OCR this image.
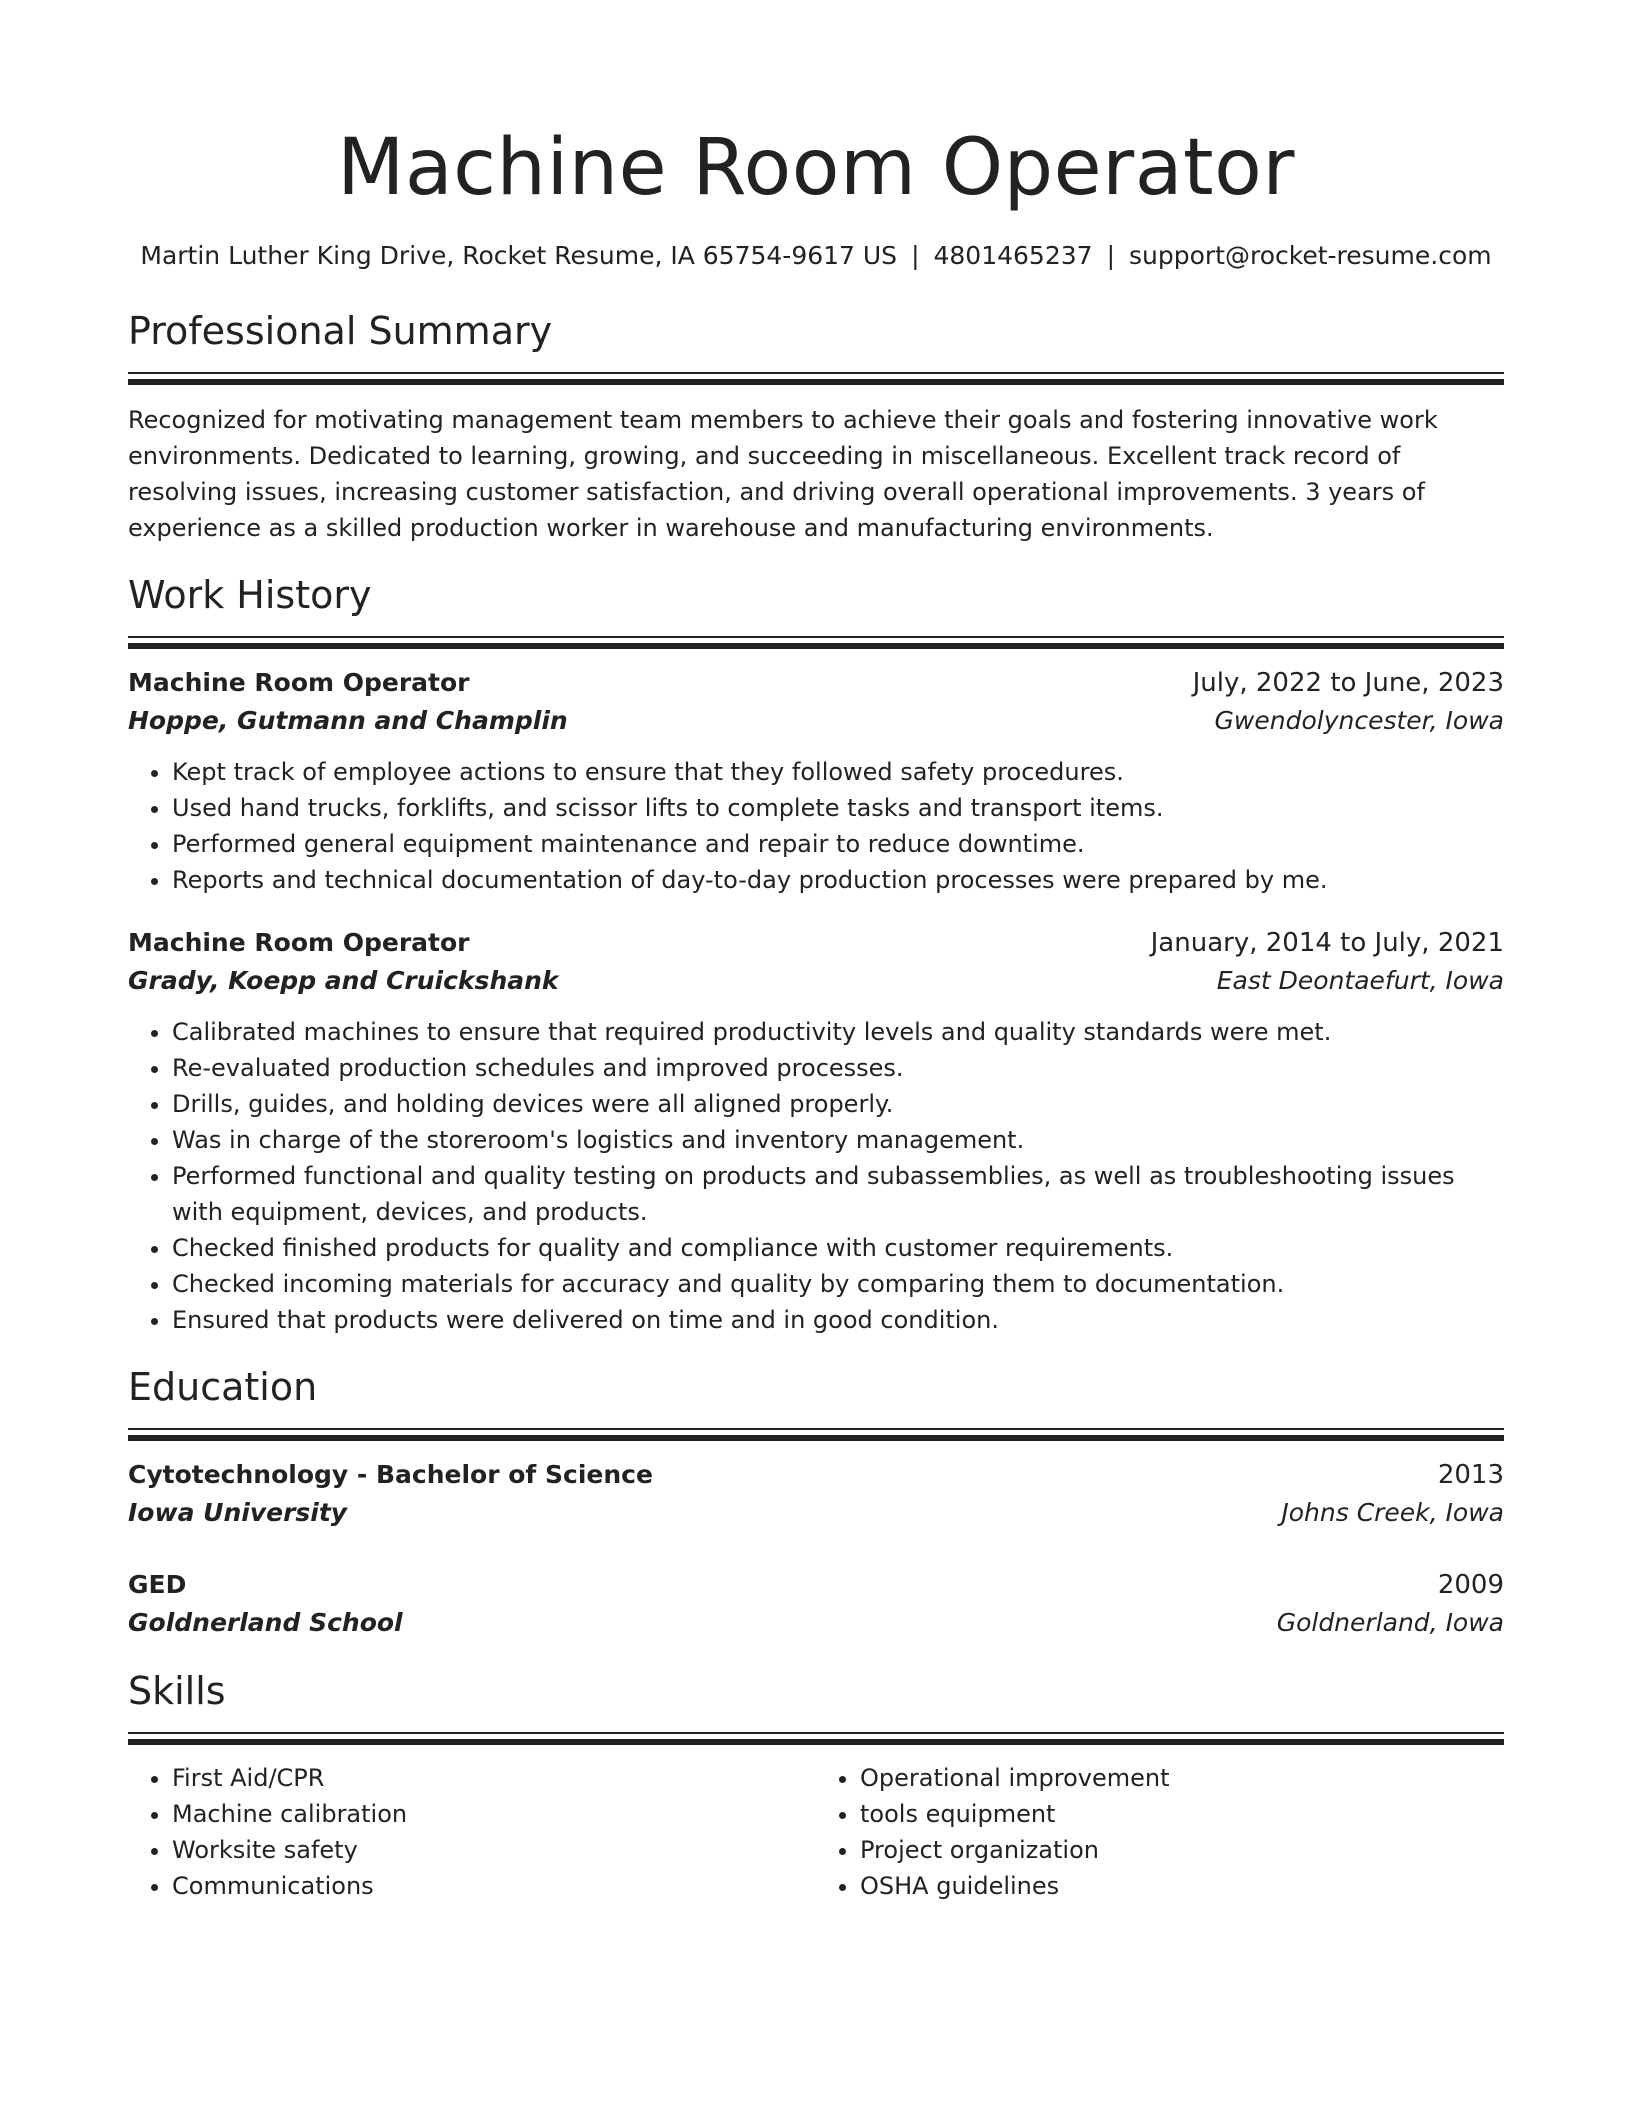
Machine Room Operator
Martin Luther King Drive, Rocket Resume, IA 65754-9617 US | 4801465237 | support@rocket-resume.com
Professional Summary

Recognized for motivating management team members to achieve their goals and fostering innovative work environments. Dedicated to learning, growing, and succeeding in miscellaneous. Excellent track record of resolving issues, increasing customer satisfaction, and driving overall operational improvements. 3 years of experience as a skilled production worker in warehouse and manufacturing environments.

Work History
Machine Room Operator	July, 2022 to June, 2023
Hoppe, Gutmann and Champlin	Gwendolyncester, Iowa
• Kept track of employee actions to ensure that they followed safety procedures.
• Used hand trucks, forklifts, and scissor lifts to complete tasks and transport items.
• Performed general equipment maintenance and repair to reduce downtime.
• Reports and technical documentation of day-to-day production processes were prepared by me.
Machine Room Operator	January, 2014 to July, 2021
Grady, Koepp and Cruickshank	East Deontaefurt, Iowa
• Calibrated machines to ensure that required productivity levels and quality standards were met.
• Re-evaluated production schedules and improved processes.
• Drills, guides, and holding devices were all aligned properly.
• Was in charge of the storeroom's logistics and inventory management.
• Performed functional and quality testing on products and subassemblies, as well as troubleshooting issues with equipment, devices, and products.
• Checked finished products for quality and compliance with customer requirements.
• Checked incoming materials for accuracy and quality by comparing them to documentation.
• Ensured that products were delivered on time and in good condition.
Education
Cytotechnology - Bachelor of Science	2013
Iowa University	Johns Creek, Iowa
GED	2009
Goldnerland School	Goldnerland, Iowa
Skills
• First Aid/CPR
• Machine calibration
• Worksite safety
• Communications
• Operational improvement
• tools equipment
• Project organization
• OSHA guidelines
